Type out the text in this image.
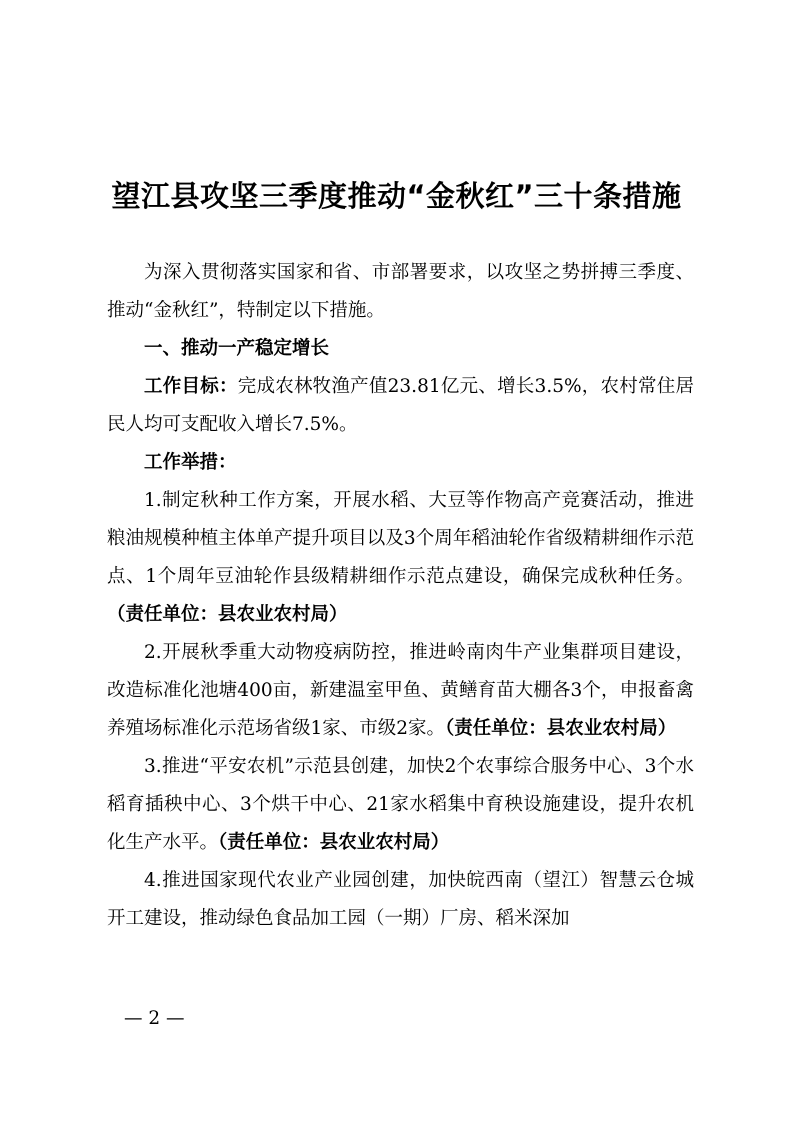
望江县攻坚三季度推动“金秋红”三十条措施

为深入贯彻落实国家和省、市部署要求，以攻坚之势拼搏三季度、推动“金秋红”，特制定以下措施。

一、推动一产稳定增长

工作目标：完成农林牧渔产值23.81亿元、增长3.5%，农村常住居民人均可支配收入增长7.5%。

工作举措：

1.制定秋种工作方案，开展水稻、大豆等作物高产竞赛活动，推进粮油规模种植主体单产提升项目以及3个周年稻油轮作省级精耕细作示范点、1个周年豆油轮作县级精耕细作示范点建设，确保完成秋种任务。（责任单位：县农业农村局）

2.开展秋季重大动物疫病防控，推进岭南肉牛产业集群项目建设，改造标准化池塘400亩，新建温室甲鱼、黄鳝育苗大棚各3个，申报畜禽养殖场标准化示范场省级1家、市级2家。（责任单位：县农业农村局）

3.推进“平安农机”示范县创建，加快2个农事综合服务中心、3个水稻育插秧中心、3个烘干中心、21家水稻集中育秧设施建设，提升农机化生产水平。（责任单位：县农业农村局）

4.推进国家现代农业产业园创建，加快皖西南（望江）智慧云仓城开工建设，推动绿色食品加工园（一期）厂房、稻米深加

— 2 —
